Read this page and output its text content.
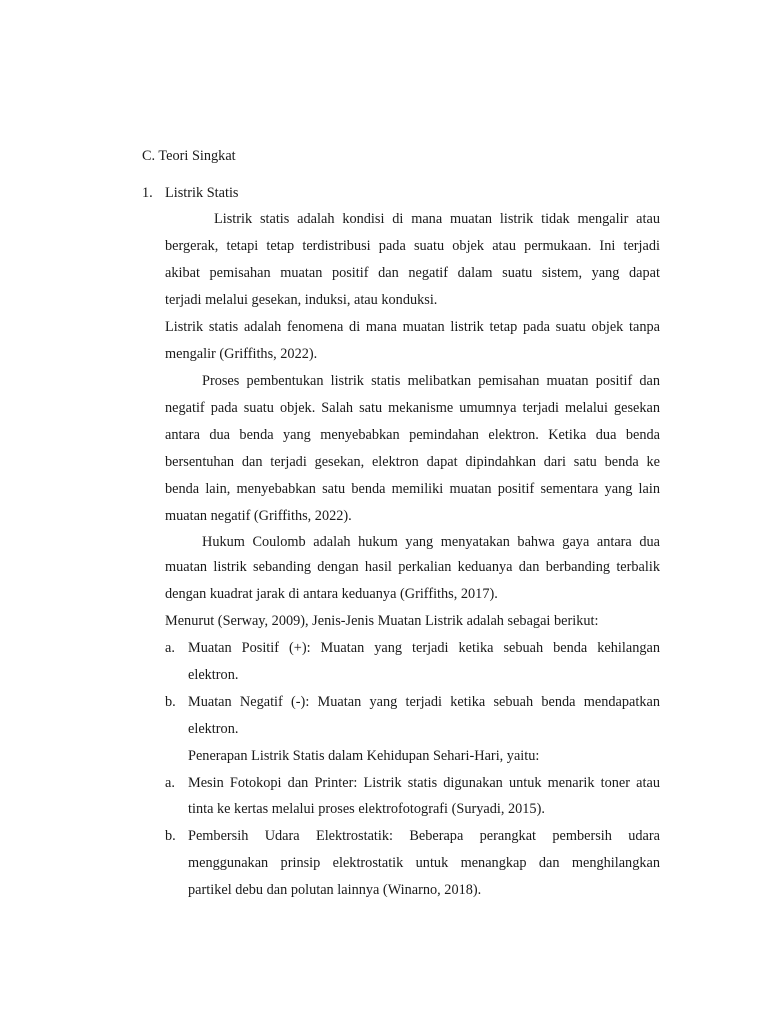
C. Teori Singkat
1. Listrik Statis
Listrik statis adalah kondisi di mana muatan listrik tidak mengalir atau
bergerak, tetapi tetap terdistribusi pada suatu objek atau permukaan. Ini terjadi
akibat pemisahan muatan positif dan negatif dalam suatu sistem, yang dapat
terjadi melalui gesekan, induksi, atau konduksi.
Listrik statis adalah fenomena di mana muatan listrik tetap pada suatu objek tanpa
mengalir (Griffiths, 2022).
Proses pembentukan listrik statis melibatkan pemisahan muatan positif dan
negatif pada suatu objek. Salah satu mekanisme umumnya terjadi melalui gesekan
antara dua benda yang menyebabkan pemindahan elektron. Ketika dua benda
bersentuhan dan terjadi gesekan, elektron dapat dipindahkan dari satu benda ke
benda lain, menyebabkan satu benda memiliki muatan positif sementara yang lain
muatan negatif (Griffiths, 2022).
Hukum Coulomb adalah hukum yang menyatakan bahwa gaya antara dua
muatan listrik sebanding dengan hasil perkalian keduanya dan berbanding terbalik
dengan kuadrat jarak di antara keduanya (Griffiths, 2017).
Menurut (Serway, 2009), Jenis-Jenis Muatan Listrik adalah sebagai berikut:
a. Muatan Positif (+): Muatan yang terjadi ketika sebuah benda kehilangan
elektron.
b. Muatan Negatif (-): Muatan yang terjadi ketika sebuah benda mendapatkan
elektron.
Penerapan Listrik Statis dalam Kehidupan Sehari-Hari, yaitu:
a. Mesin Fotokopi dan Printer: Listrik statis digunakan untuk menarik toner atau
tinta ke kertas melalui proses elektrofotografi (Suryadi, 2015).
b. Pembersih Udara Elektrostatik: Beberapa perangkat pembersih udara
menggunakan prinsip elektrostatik untuk menangkap dan menghilangkan
partikel debu dan polutan lainnya (Winarno, 2018).
